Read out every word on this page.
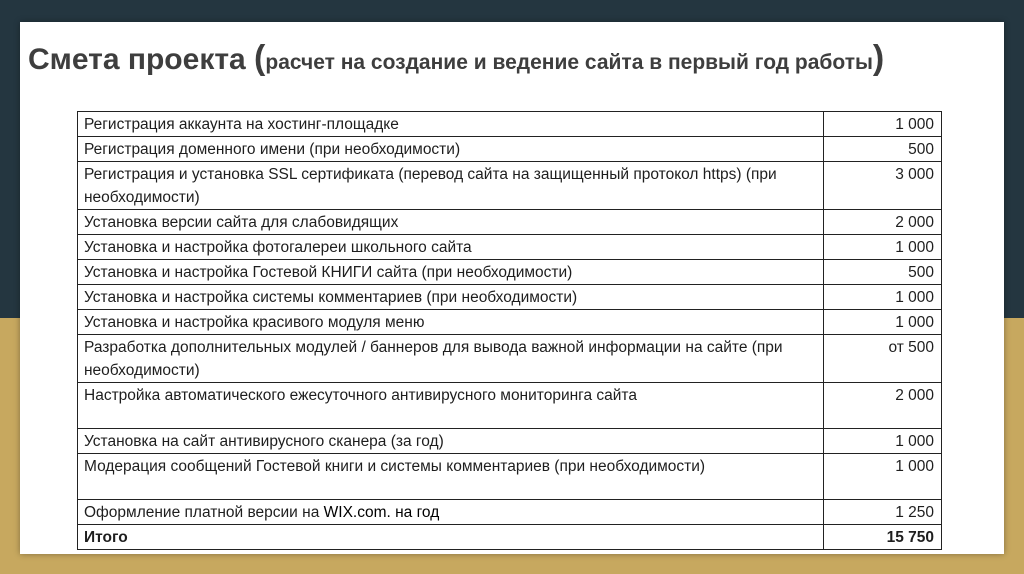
Смета проекта (расчет на создание и ведение сайта в первый год работы)
Регистрация аккаунта на хостинг-площадке	1 000
Регистрация доменного имени (при необходимости)	500
Регистрация и установка SSL сертификата (перевод сайта на защищенный протокол https) (при необходимости)	3 000
Установка версии сайта для слабовидящих	2 000
Установка и настройка фотогалереи школьного сайта	1 000
Установка и настройка Гостевой КНИГИ сайта (при необходимости)	500
Установка и настройка системы комментариев (при необходимости)	1 000
Установка и настройка красивого модуля меню	1 000
Разработка дополнительных модулей / баннеров для вывода важной информации на сайте (при необходимости)	от 500
Настройка автоматического ежесуточного антивирусного мониторинга сайта	2 000
Установка на сайт антивирусного сканера (за год)	1 000
Модерация сообщений Гостевой книги и системы комментариев (при необходимости)	1 000
Оформление платной версии на WIX.com. на год	1 250
Итого	15 750
